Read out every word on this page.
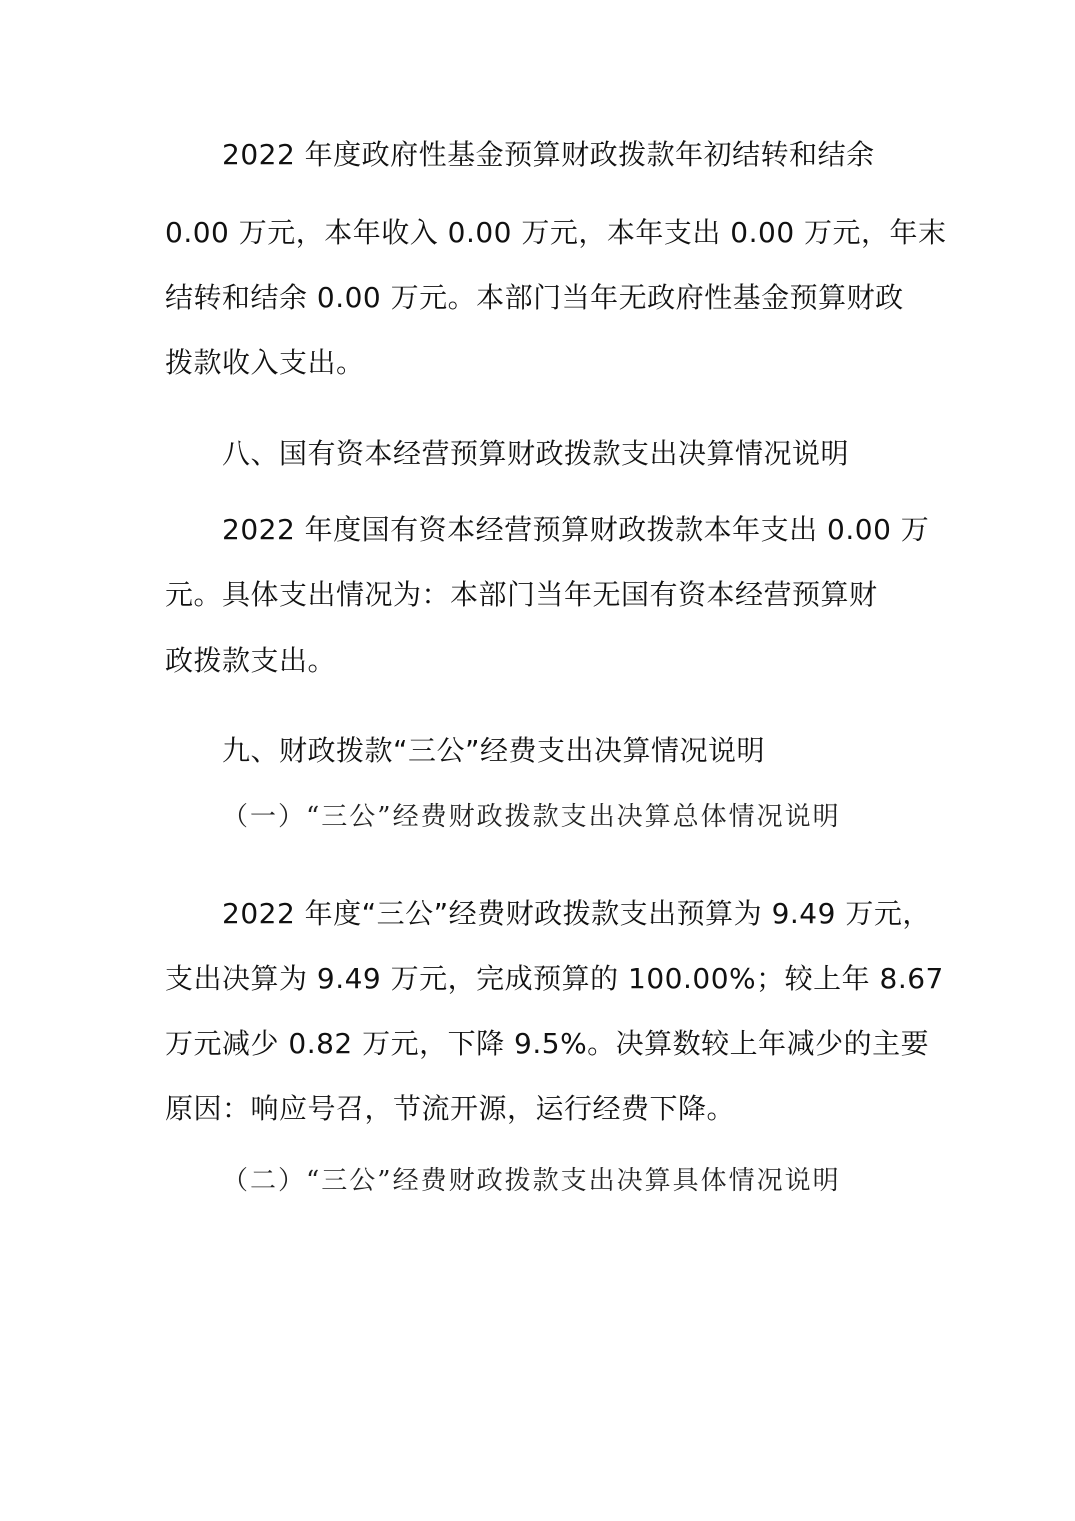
2022 年度政府性基金预算财政拨款年初结转和结余
0.00 万元，本年收入 0.00 万元，本年支出 0.00 万元，年末
结转和结余 0.00 万元。本部门当年无政府性基金预算财政
拨款收入支出。
八、国有资本经营预算财政拨款支出决算情况说明
2022 年度国有资本经营预算财政拨款本年支出 0.00 万
元。具体支出情况为：本部门当年无国有资本经营预算财
政拨款支出。
九、财政拨款“三公”经费支出决算情况说明
（一）“三公”经费财政拨款支出决算总体情况说明
2022 年度“三公”经费财政拨款支出预算为 9.49 万元，
支出决算为 9.49 万元，完成预算的 100.00%；较上年 8.67
万元减少 0.82 万元，下降 9.5%。决算数较上年减少的主要
原因：响应号召，节流开源，运行经费下降。
（二）“三公”经费财政拨款支出决算具体情况说明
